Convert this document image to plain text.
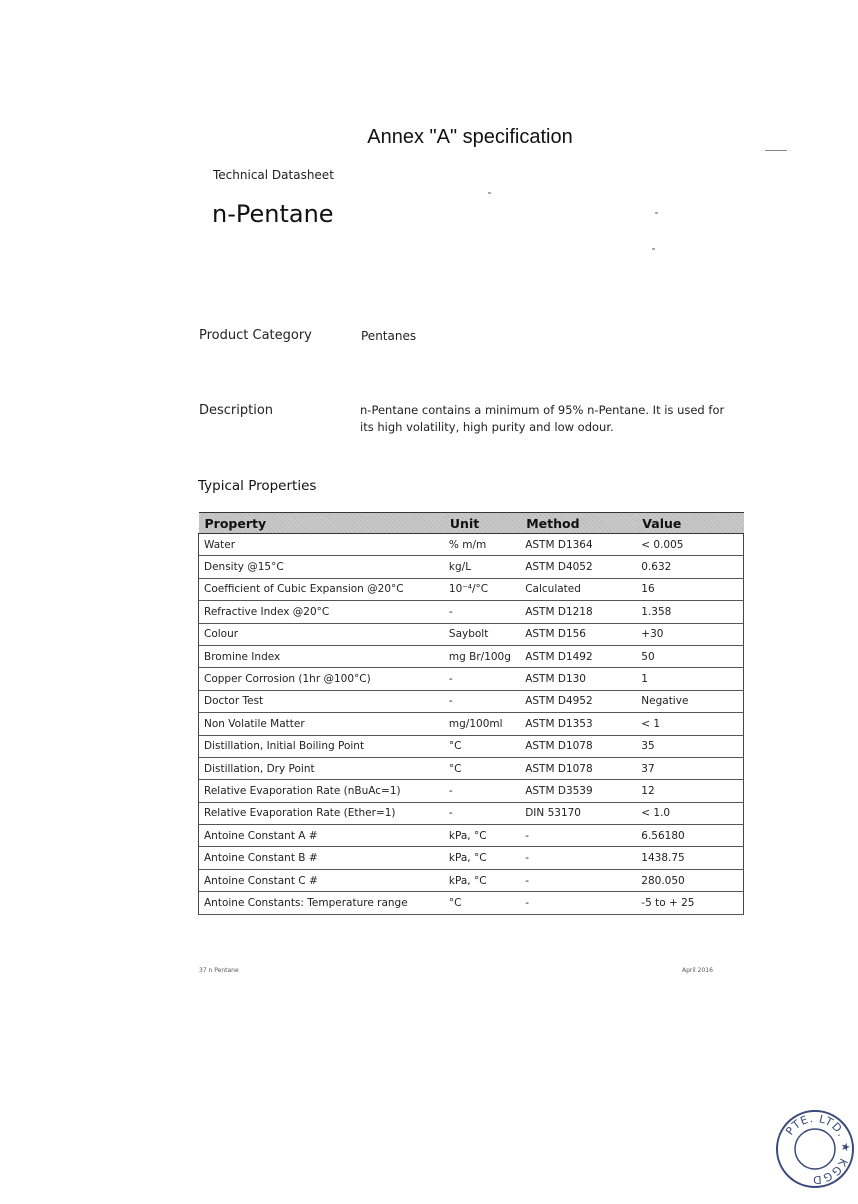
Annex "A" specification
Technical Datasheet
n-Pentane
Product Category	Pentanes
Description	n-Pentane contains a minimum of 95% n-Pentane. It is used for its high volatility, high purity and low odour.
Typical Properties
Property	Unit	Method	Value
Water	% m/m	ASTM D1364	< 0.005
Density @15°C	kg/L	ASTM D4052	0.632
Coefficient of Cubic Expansion @20°C	10⁻⁴/°C	Calculated	16
Refractive Index @20°C	-	ASTM D1218	1.358
Colour	Saybolt	ASTM D156	+30
Bromine Index	mg Br/100g	ASTM D1492	50
Copper Corrosion (1hr @100°C)	-	ASTM D130	1
Doctor Test	-	ASTM D4952	Negative
Non Volatile Matter	mg/100ml	ASTM D1353	< 1
Distillation, Initial Boiling Point	°C	ASTM D1078	35
Distillation, Dry Point	°C	ASTM D1078	37
Relative Evaporation Rate (nBuAc=1)	-	ASTM D3539	12
Relative Evaporation Rate (Ether=1)	-	DIN 53170	< 1.0
Antoine Constant A #	kPa, °C	-	6.56180
Antoine Constant B #	kPa, °C	-	1438.75
Antoine Constant C #	kPa, °C	-	280.050
Antoine Constants: Temperature range	°C	-	-5 to + 25
37 n Pentane	April 2016
PTE. LTD. ★ KGGD
